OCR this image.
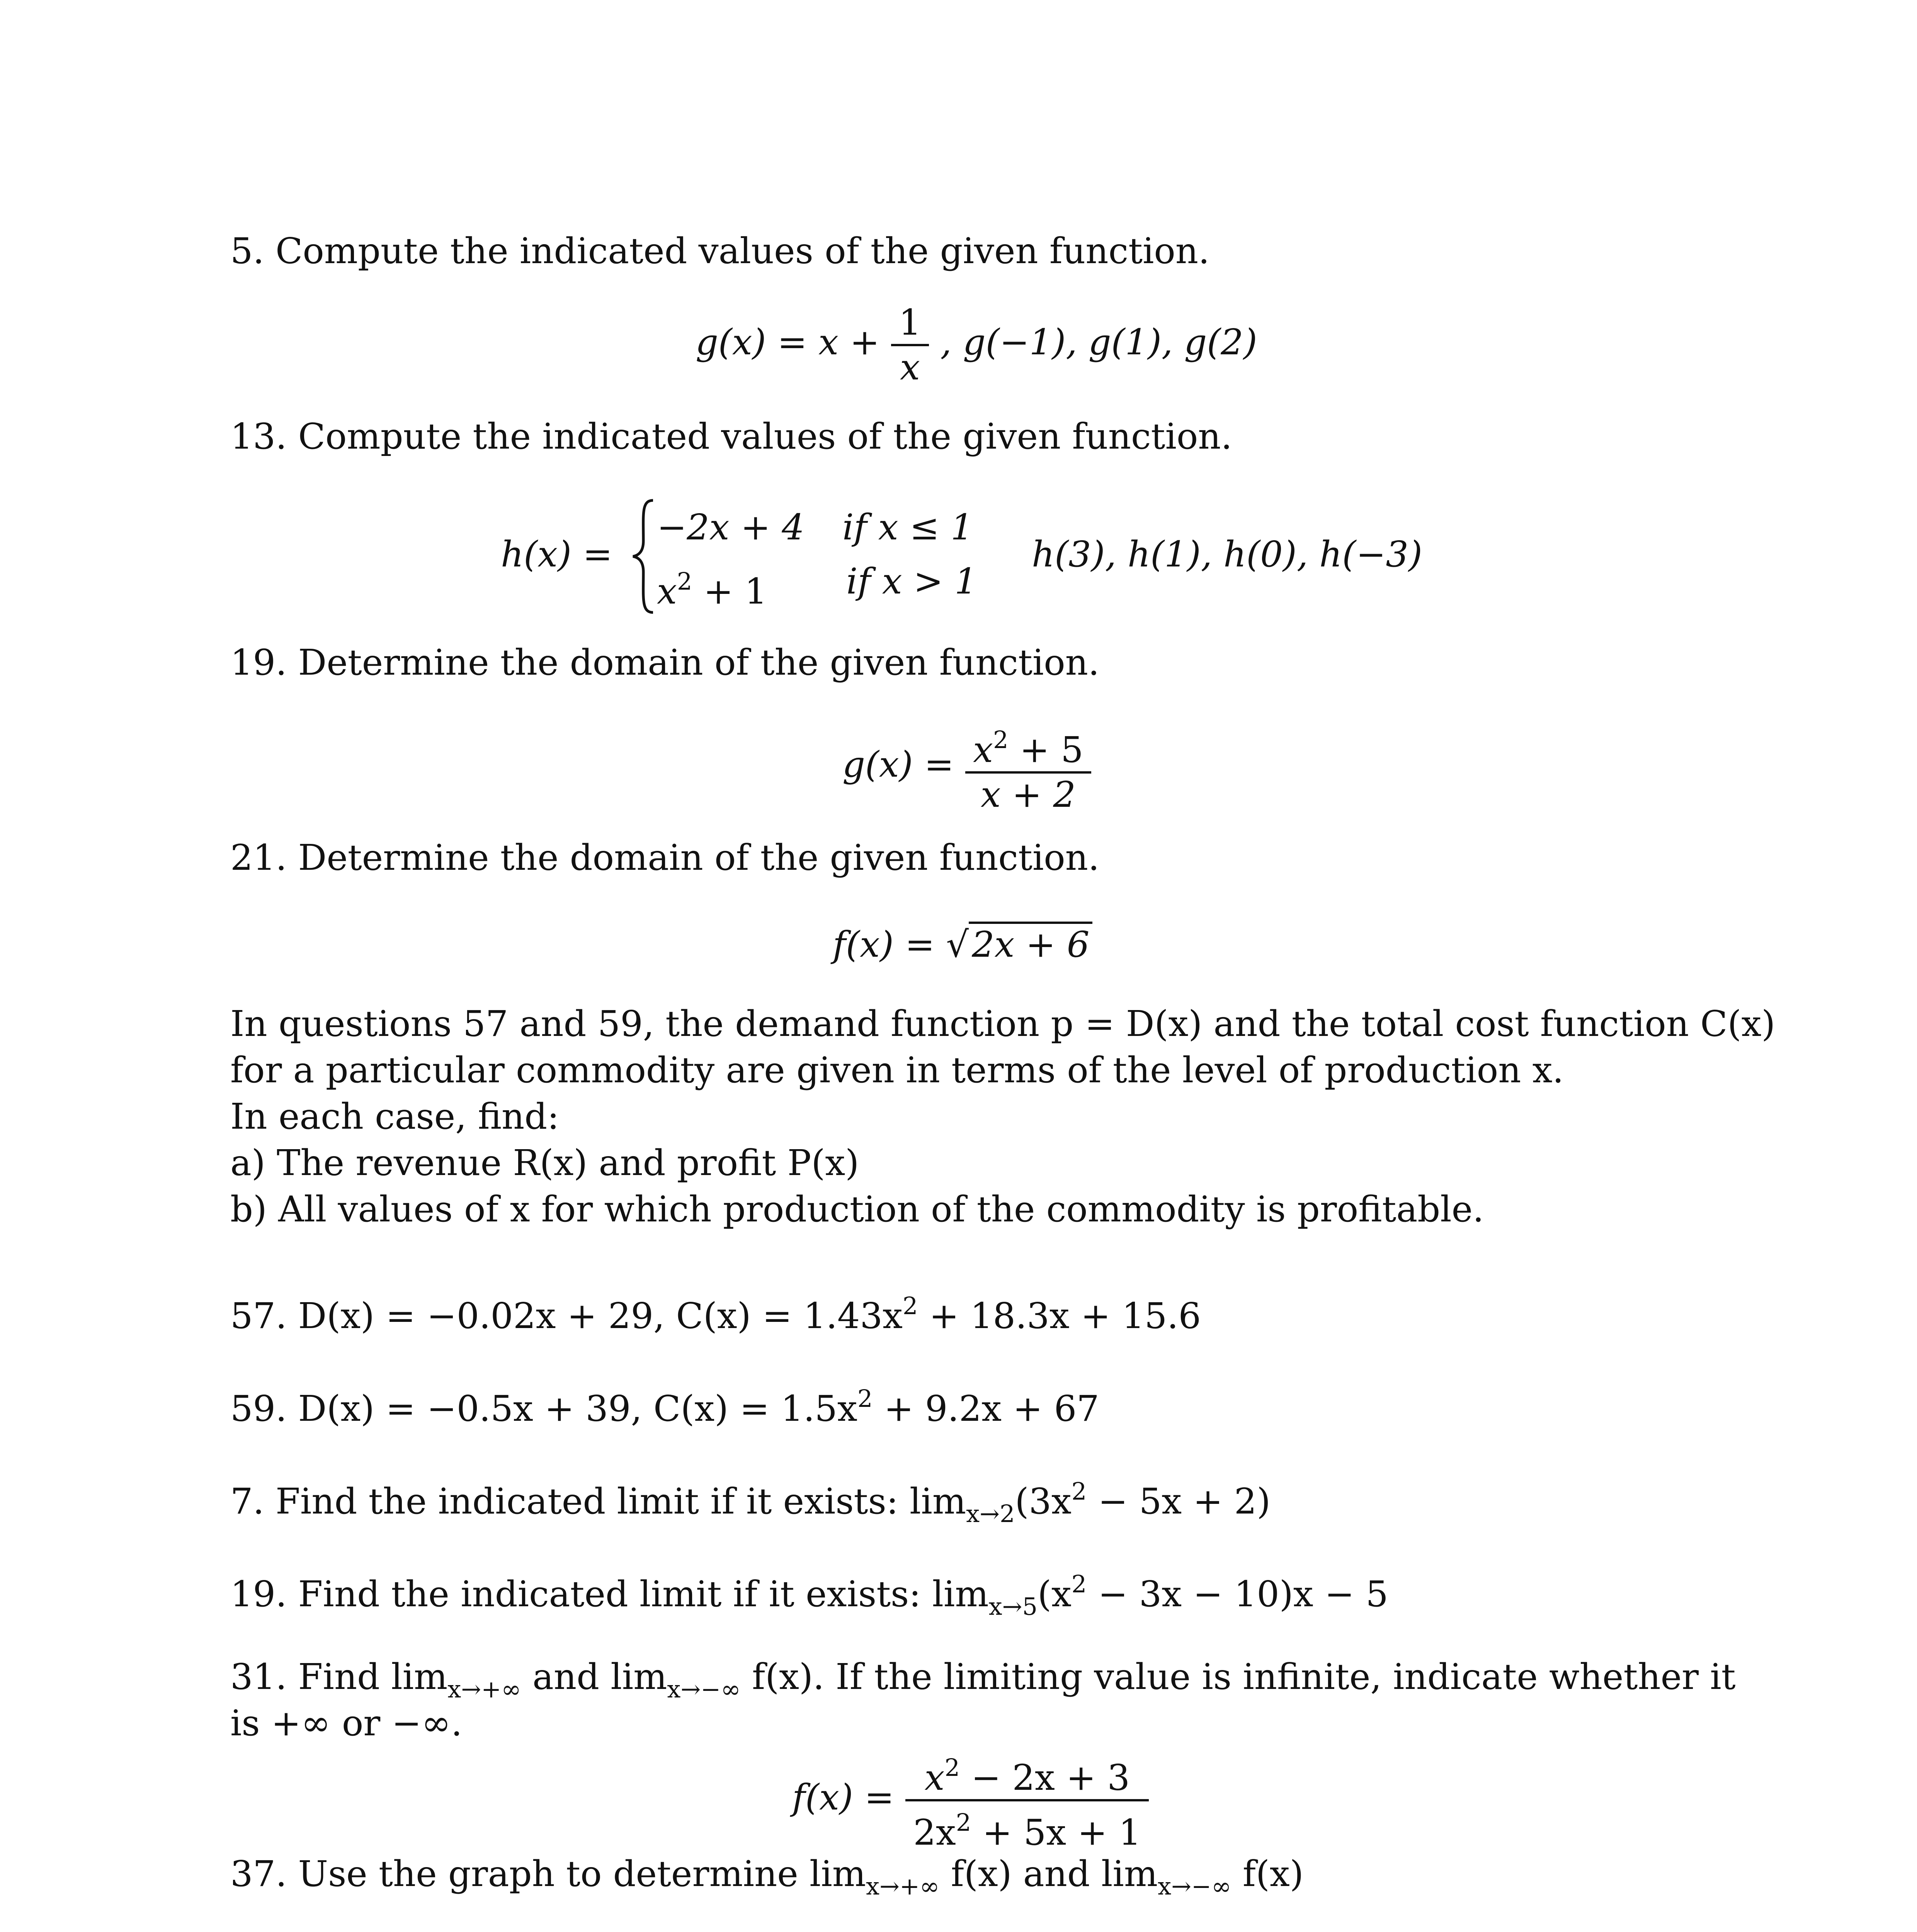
5. Compute the indicated values of the given function.
$g(x) = x + \frac{1}{x}$ , g(−1), g(1), g(2)
13. Compute the indicated values of the given function.
h(x) =
−2x + 4 if x ≤ 1
$x^2 + 1$ if x > 1
h(3), h(1), h(0), h(−3)
19. Determine the domain of the given function.
$g(x) = \frac{x^2 + 5}{x + 2}$
21. Determine the domain of the given function.
f(x) = √2x + 6
In questions 57 and 59, the demand function p = D(x) and the total cost function C(x)
for a particular commodity are given in terms of the level of production x.
In each case, find:
a) The revenue R(x) and profit P(x)
b) All values of x for which production of the commodity is profitable.
57. D(x) = −0.02x + 29, $C(x) = 1.43x^2 + 18.3x + 15.6$
59. D(x) = −0.5x + 39, $C(x) = 1.5x^2 + 9.2x + 67$
7. Find the indicated limit if it exists: $\lim_{x\to 2}(3x^2 - 5x + 2)$
19. Find the indicated limit if it exists: $\lim_{x\to 5}(x^2 - 3x - 10)x - 5$
31. Find $\lim_{x\to+\infty}$ and $\lim_{x\to-\infty} f(x)$. If the limiting value is infinite, indicate whether it
is +∞ or −∞.
$f(x) = \frac{x^2 - 2x + 3}{2x^2 + 5x + 1}$
37. Use the graph to determine $\lim_{x\to+\infty} f(x)$ and $\lim_{x\to-\infty} f(x)$
